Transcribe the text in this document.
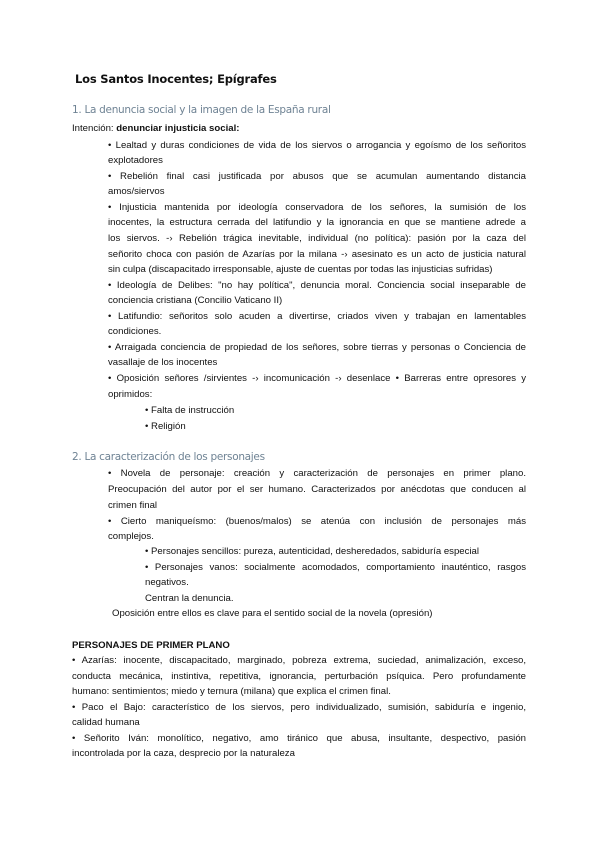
Los Santos Inocentes; Epígrafes
1. La denuncia social y la imagen de la España rural
Intención: denunciar injusticia social:
• Lealtad y duras condiciones de vida de los siervos o arrogancia y egoísmo de los señoritos
explotadores
• Rebelión final casi justificada por abusos que se acumulan aumentando distancia
amos/siervos
• Injusticia mantenida por ideología conservadora de los señores, la sumisión de los
inocentes, la estructura cerrada del latifundio y la ignorancia en que se mantiene adrede a
los siervos. -› Rebelión trágica inevitable, individual (no política): pasión por la caza del
señorito choca con pasión de Azarías por la milana -› asesinato es un acto de justicia natural
sin culpa (discapacitado irresponsable, ajuste de cuentas por todas las injusticias sufridas)
• Ideología de Delibes: "no hay política", denuncia moral. Conciencia social inseparable de
conciencia cristiana (Concilio Vaticano II)
• Latifundio: señoritos solo acuden a divertirse, criados viven y trabajan en lamentables
condiciones.
• Arraigada conciencia de propiedad de los señores, sobre tierras y personas o Conciencia de
vasallaje de los inocentes
• Oposición señores /sirvientes -› incomunicación -› desenlace • Barreras entre opresores y
oprimidos:
• Falta de instrucción
• Religión
2. La caracterización de los personajes
• Novela de personaje: creación y caracterización de personajes en primer plano.
Preocupación del autor por el ser humano. Caracterizados por anécdotas que conducen al
crimen final
• Cierto maniqueísmo: (buenos/malos) se atenúa con inclusión de personajes más
complejos.
• Personajes sencillos: pureza, autenticidad, desheredados, sabiduría especial
• Personajes vanos: socialmente acomodados, comportamiento inauténtico, rasgos
negativos.
Centran la denuncia.
Oposición entre ellos es clave para el sentido social de la novela (opresión)
PERSONAJES DE PRIMER PLANO
• Azarías: inocente, discapacitado, marginado, pobreza extrema, suciedad, animalización, exceso,
conducta mecánica, instintiva, repetitiva, ignorancia, perturbación psíquica. Pero profundamente
humano: sentimientos; miedo y ternura (milana) que explica el crimen final.
• Paco el Bajo: característico de los siervos, pero individualizado, sumisión, sabiduría e ingenio,
calidad humana
• Señorito Iván: monolítico, negativo, amo tiránico que abusa, insultante, despectivo, pasión
incontrolada por la caza, desprecio por la naturaleza
